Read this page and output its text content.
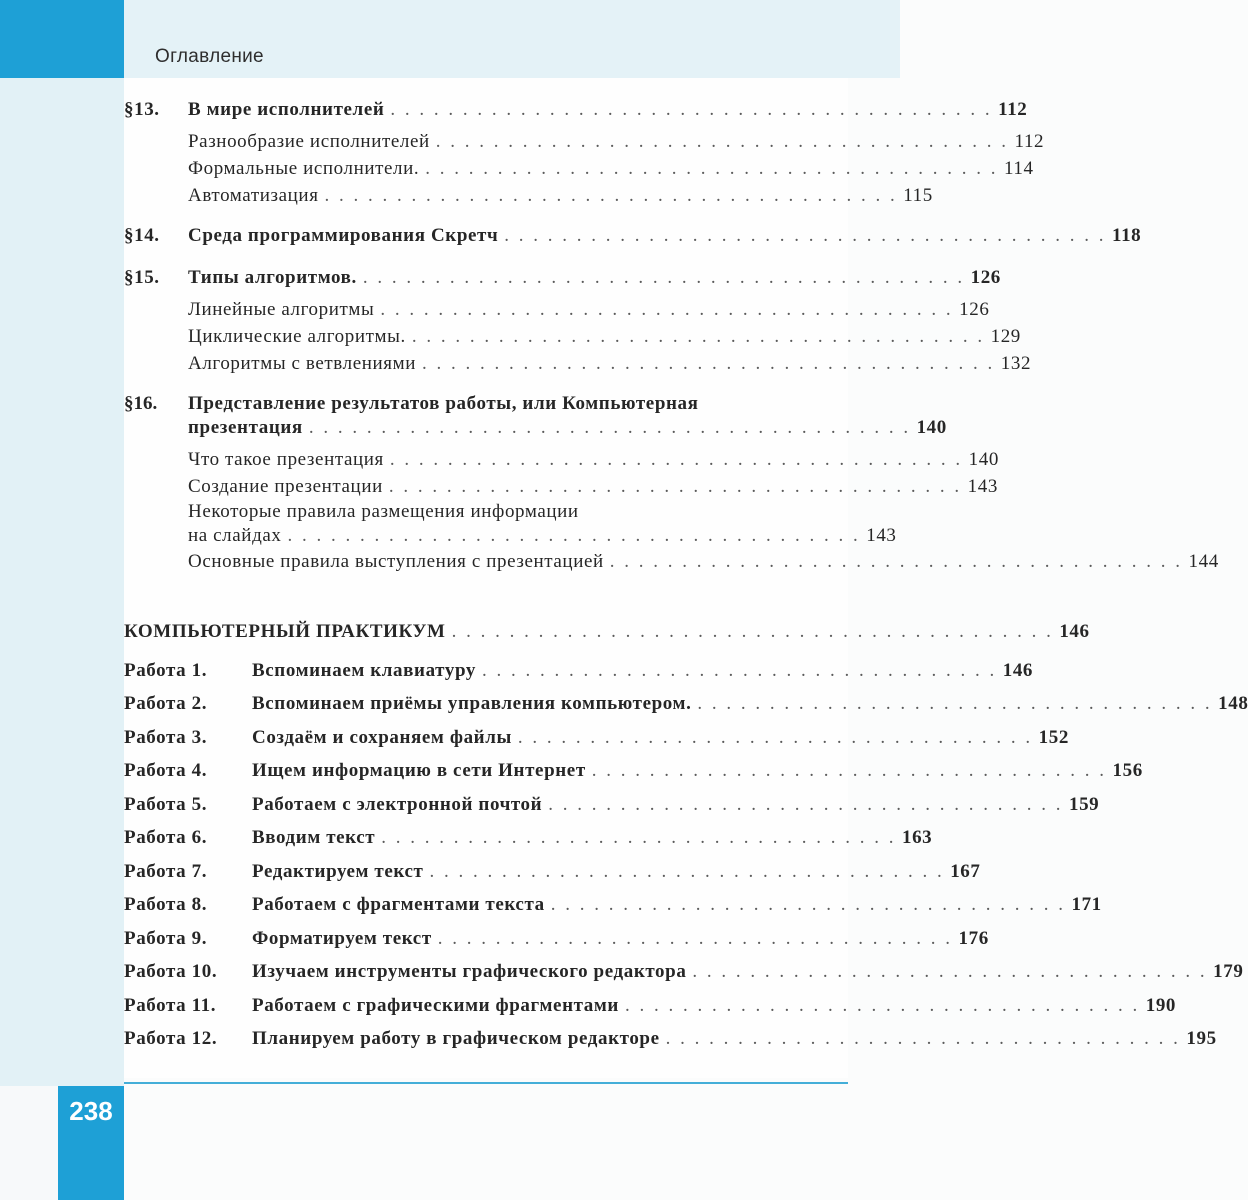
Оглавление
§13.	В мире исполнителей . . . . . . . . . . . . . . . . . . . . . . . . . . . . . . . . . . . . . . . . . . 112
Разнообразие исполнителей . . . . . . . . . . . . . . . . . . . . . . . . . . . . . . . . . . . . . . . . 112
Формальные исполнители. . . . . . . . . . . . . . . . . . . . . . . . . . . . . . . . . . . . . . . . . 114
Автоматизация . . . . . . . . . . . . . . . . . . . . . . . . . . . . . . . . . . . . . . . . 115
§14.	Среда программирования Скретч . . . . . . . . . . . . . . . . . . . . . . . . . . . . . . . . . . . . . . . . . . 118
§15.	Типы алгоритмов. . . . . . . . . . . . . . . . . . . . . . . . . . . . . . . . . . . . . . . . . . . 126
Линейные алгоритмы . . . . . . . . . . . . . . . . . . . . . . . . . . . . . . . . . . . . . . . . 126
Циклические алгоритмы. . . . . . . . . . . . . . . . . . . . . . . . . . . . . . . . . . . . . . . . . 129
Алгоритмы с ветвлениями . . . . . . . . . . . . . . . . . . . . . . . . . . . . . . . . . . . . . . . . 132
§16.	Представление результатов работы, или Компьютерная
презентация . . . . . . . . . . . . . . . . . . . . . . . . . . . . . . . . . . . . . . . . . . 140
Что такое презентация . . . . . . . . . . . . . . . . . . . . . . . . . . . . . . . . . . . . . . . . 140
Создание презентации . . . . . . . . . . . . . . . . . . . . . . . . . . . . . . . . . . . . . . . . 143
Некоторые правила размещения информации
на слайдах . . . . . . . . . . . . . . . . . . . . . . . . . . . . . . . . . . . . . . . . 143
Основные правила выступления с презентацией . . . . . . . . . . . . . . . . . . . . . . . . . . . . . . . . . . . . . . . . 144
КОМПЬЮТЕРНЫЙ ПРАКТИКУМ . . . . . . . . . . . . . . . . . . . . . . . . . . . . . . . . . . . . . . . . . . 146
Работа 1.	Вспоминаем клавиатуру . . . . . . . . . . . . . . . . . . . . . . . . . . . . . . . . . . . . 146
Работа 2.	Вспоминаем приёмы управления компьютером. . . . . . . . . . . . . . . . . . . . . . . . . . . . . . . . . . . . . 148
Работа 3.	Создаём и сохраняем файлы . . . . . . . . . . . . . . . . . . . . . . . . . . . . . . . . . . . . 152
Работа 4.	Ищем информацию в сети Интернет . . . . . . . . . . . . . . . . . . . . . . . . . . . . . . . . . . . . 156
Работа 5.	Работаем с электронной почтой . . . . . . . . . . . . . . . . . . . . . . . . . . . . . . . . . . . . 159
Работа 6.	Вводим текст . . . . . . . . . . . . . . . . . . . . . . . . . . . . . . . . . . . . 163
Работа 7.	Редактируем текст . . . . . . . . . . . . . . . . . . . . . . . . . . . . . . . . . . . . 167
Работа 8.	Работаем с фрагментами текста . . . . . . . . . . . . . . . . . . . . . . . . . . . . . . . . . . . . 171
Работа 9.	Форматируем текст . . . . . . . . . . . . . . . . . . . . . . . . . . . . . . . . . . . . 176
Работа 10.	Изучаем инструменты графического редактора . . . . . . . . . . . . . . . . . . . . . . . . . . . . . . . . . . . . 179
Работа 11.	Работаем с графическими фрагментами . . . . . . . . . . . . . . . . . . . . . . . . . . . . . . . . . . . . 190
Работа 12.	Планируем работу в графическом редакторе . . . . . . . . . . . . . . . . . . . . . . . . . . . . . . . . . . . . 195
238
